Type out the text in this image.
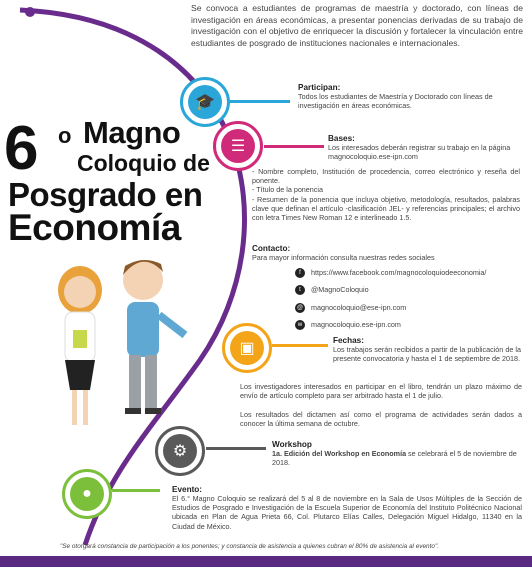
Se convoca a estudiantes de programas de maestría y doctorado, con líneas de investigación en áreas económicas, a presentar ponencias derivadas de su trabajo de investigación con el objetivo de enriquecer la discusión y fortalecer la vinculación entre estudiantes de posgrado de instituciones nacionales e internacionales.
6 o Magno
Coloquio de
Posgrado en
Economía
🎓
Participan:
Todos los estudiantes de Maestría y Doctorado con líneas de investigación en áreas económicas.
☰	Bases:
Los interesados deberán registrar su trabajo en la página magnocoloquio.ese-ipn.com
- Nombre completo, Institución de procedencia, correo electrónico y reseña del ponente.
- Título de la ponencia
- Resumen de la ponencia que incluya objetivo, metodología, resultados, palabras clave que definan el artículo -clasificación JEL- y referencias principales; el archivo con letra Times New Roman 12 e interlineado 1.5.
Contacto:
Para mayor información consulta nuestras redes sociales
f	https://www.facebook.com/magnocoloquiodeeconomia/
t	@MagnoColoquio
@ magnocoloquio@ese-ipn.com
w	magnocoloquio.ese-ipn.com
▣	Fechas:
Los trabajos serán recibidos a partir de la publicación de la presente convocatoria y hasta el 1 de septiembre de 2018.
Los investigadores interesados en participar en el libro, tendrán un plazo máximo de envío de artículo completo para ser arbitrado hasta el 1 de julio.
Los resultados del dictamen así como el programa de actividades serán dados a conocer la última semana de octubre.
⚙	Workshop
1a. Edición del Workshop en Economía se celebrará el 5 de noviembre de 2018.
●	Evento:
El 6.° Magno Coloquio se realizará del 5 al 8 de noviembre en la Sala de Usos Múltiples de la Sección de Estudios de Posgrado e Investigación de la Escuela Superior de Economía del Instituto Politécnico Nacional ubicada en Plan de Agua Prieta 66, Col. Plutarco Elías Calles, Delegación Miguel Hidalgo, 11340 en la Ciudad de México.
"Se otorgará constancia de participación a los ponentes; y constancia de asistencia a quienes cubran el 80% de asistencia al evento".
